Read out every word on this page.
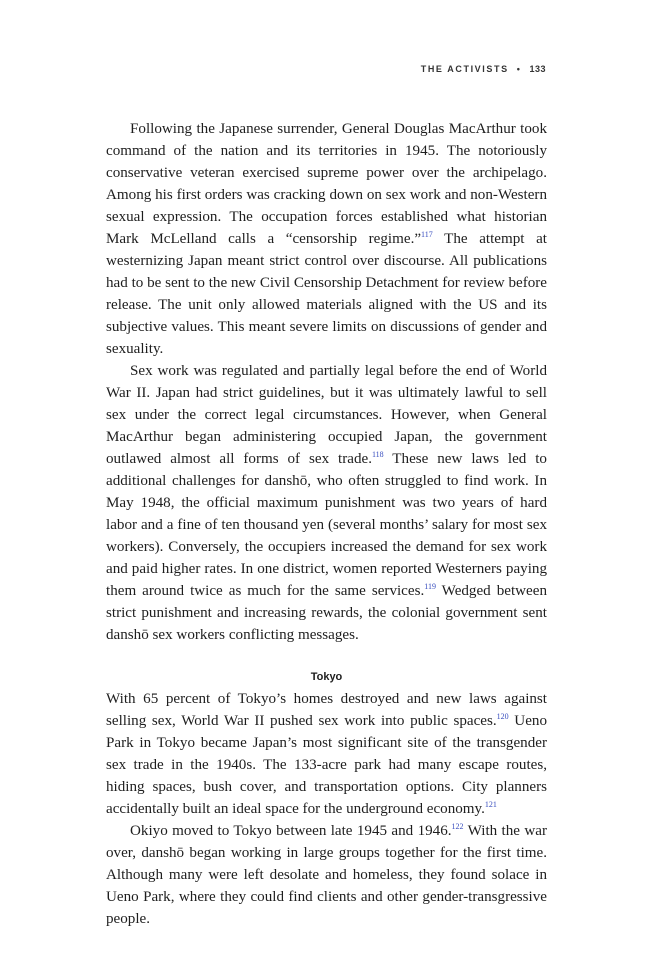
THE ACTIVISTS • 133

Following the Japanese surrender, General Douglas MacArthur took command of the nation and its territories in 1945. The notoriously conservative veteran exercised supreme power over the archipelago. Among his first orders was cracking down on sex work and non-Western sexual expression. The occupation forces established what historian Mark McLelland calls a “censorship regime.”$^{117}$ The attempt at westernizing Japan meant strict control over discourse. All publications had to be sent to the new Civil Censorship Detachment for review before release. The unit only allowed materials aligned with the US and its subjective values. This meant severe limits on discussions of gender and sexuality.

Sex work was regulated and partially legal before the end of World War II. Japan had strict guidelines, but it was ultimately lawful to sell sex under the correct legal circumstances. However, when General MacArthur began administering occupied Japan, the government outlawed almost all forms of sex trade.$^{118}$ These new laws led to additional challenges for danshō, who often struggled to find work. In May 1948, the official maximum punishment was two years of hard labor and a fine of ten thousand yen (several months’ salary for most sex workers). Conversely, the occupiers increased the demand for sex work and paid higher rates. In one district, women reported Westerners paying them around twice as much for the same services.$^{119}$ Wedged between strict punishment and increasing rewards, the colonial government sent danshō sex workers conflicting messages.

Tokyo

With 65 percent of Tokyo’s homes destroyed and new laws against selling sex, World War II pushed sex work into public spaces.$^{120}$ Ueno Park in Tokyo became Japan’s most significant site of the transgender sex trade in the 1940s. The 133-acre park had many escape routes, hiding spaces, bush cover, and transportation options. City planners accidentally built an ideal space for the underground economy.$^{121}$

Okiyo moved to Tokyo between late 1945 and 1946.$^{122}$ With the war over, danshō began working in large groups together for the first time. Although many were left desolate and homeless, they found solace in Ueno Park, where they could find clients and other gender-transgressive people.
